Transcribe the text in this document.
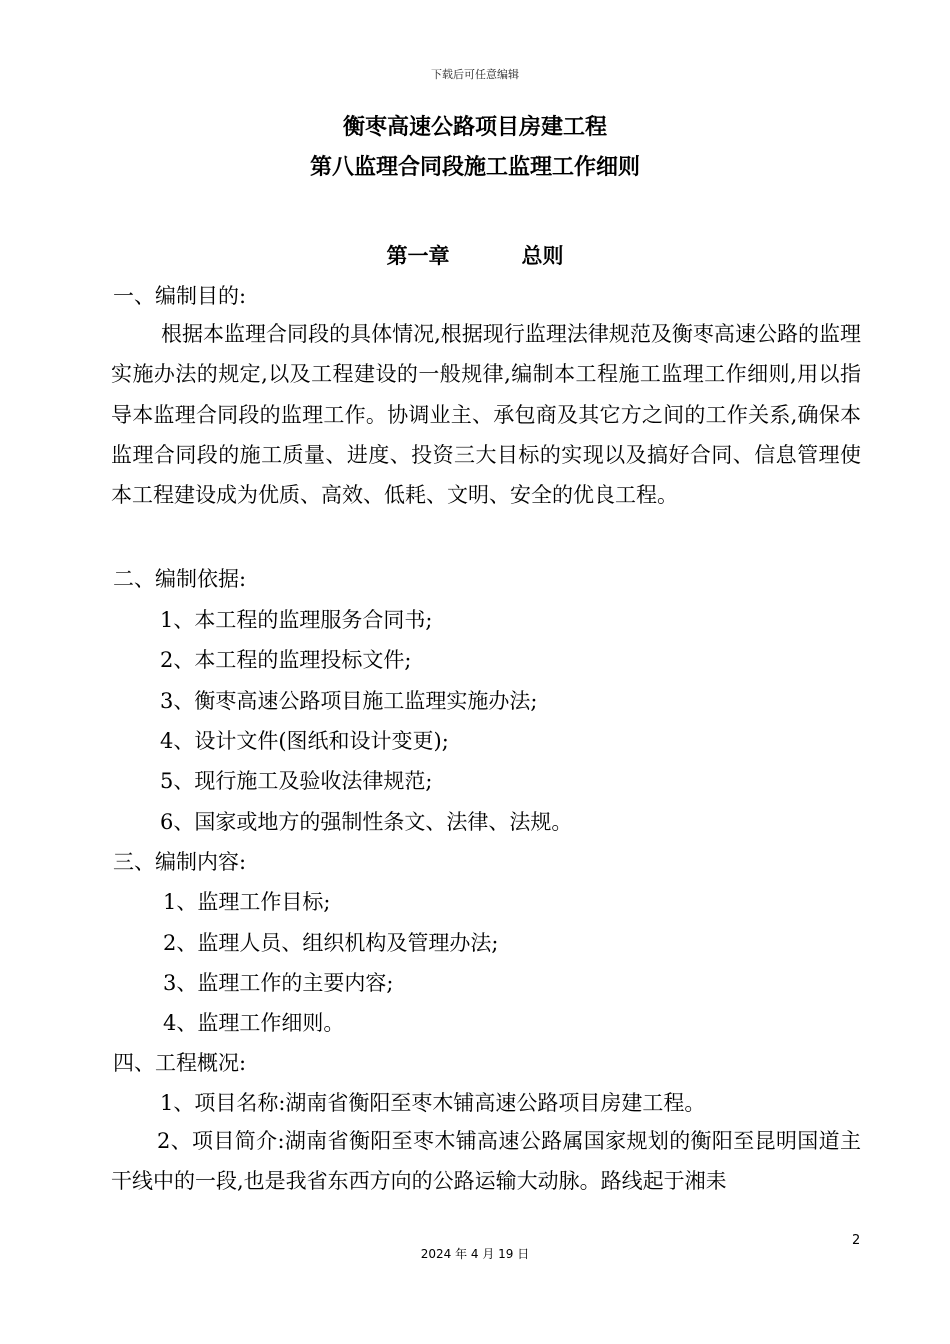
下载后可任意编辑
衡枣高速公路项目房建工程
第八监理合同段施工监理工作细则
第一章	总则
一、编制目的:
根据本监理合同段的具体情况,根据现行监理法律规范及衡枣高速公路的监理实施办法的规定,以及工程建设的一般规律,编制本工程施工监理工作细则,用以指导本监理合同段的监理工作。协调业主、承包商及其它方之间的工作关系,确保本监理合同段的施工质量、进度、投资三大目标的实现以及搞好合同、信息管理使本工程建设成为优质、高效、低耗、文明、安全的优良工程。
二、编制依据:
1、本工程的监理服务合同书;
2、本工程的监理投标文件;
3、衡枣高速公路项目施工监理实施办法;
4、设计文件(图纸和设计变更);
5、现行施工及验收法律规范;
6、国家或地方的强制性条文、法律、法规。
三、编制内容:
1、监理工作目标;
2、监理人员、组织机构及管理办法;
3、监理工作的主要内容;
4、监理工作细则。
四、工程概况:
1、项目名称:湖南省衡阳至枣木铺高速公路项目房建工程。
2、项目简介:湖南省衡阳至枣木铺高速公路属国家规划的衡阳至昆明国道主干线中的一段,也是我省东西方向的公路运输大动脉。路线起于湘耒
2
2024 年 4 月 19 日
